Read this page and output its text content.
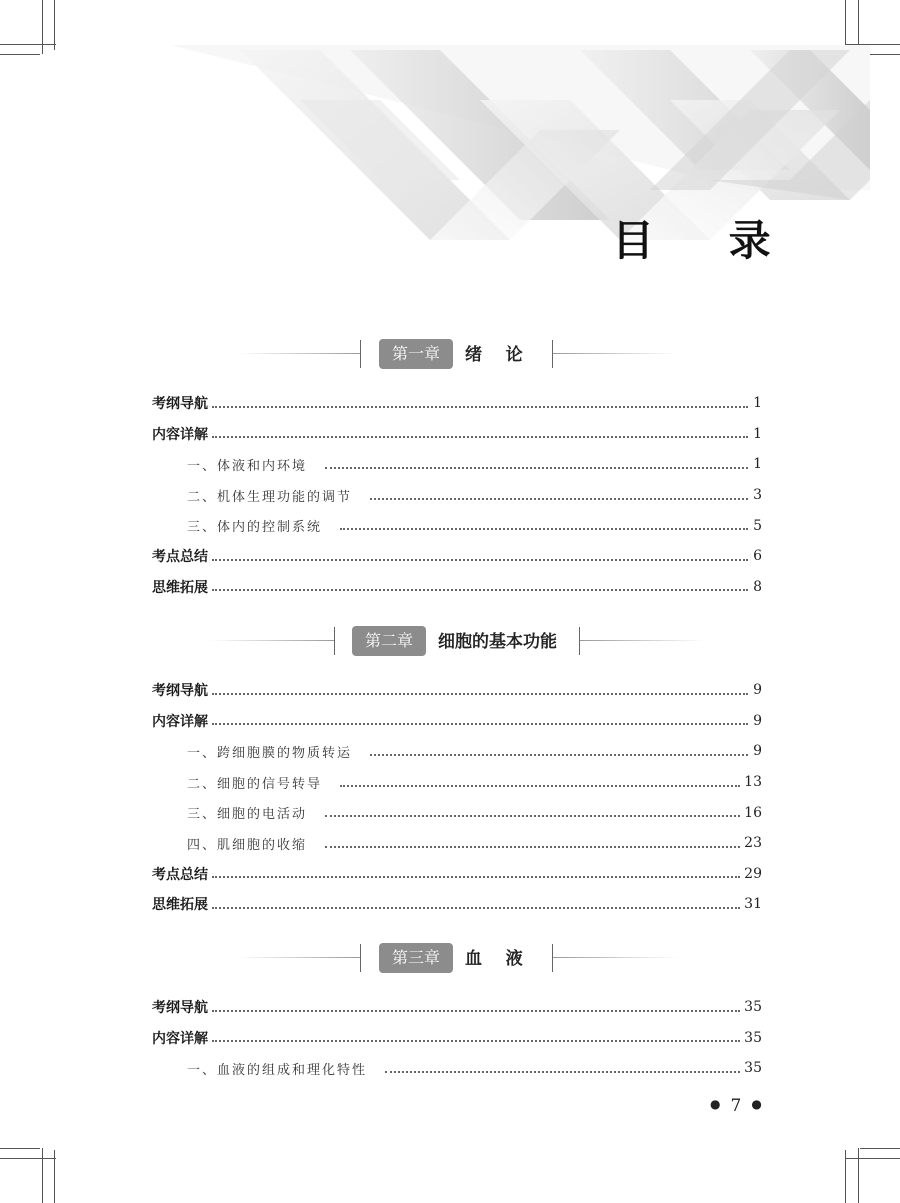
目 录
第一章	绪    论
考纲导航	1
内容详解	1
一、体液和内环境	1
二、机体生理功能的调节	3
三、体内的控制系统	5
考点总结	6
思维拓展	8
第二章	细胞的基本功能
考纲导航	9
内容详解	9
一、跨细胞膜的物质转运	9
二、细胞的信号转导	13
三、细胞的电活动	16
四、肌细胞的收缩	23
考点总结	29
思维拓展	31
第三章	血    液
考纲导航	35
内容详解	35
一、血液的组成和理化特性	35
● 7 ●
